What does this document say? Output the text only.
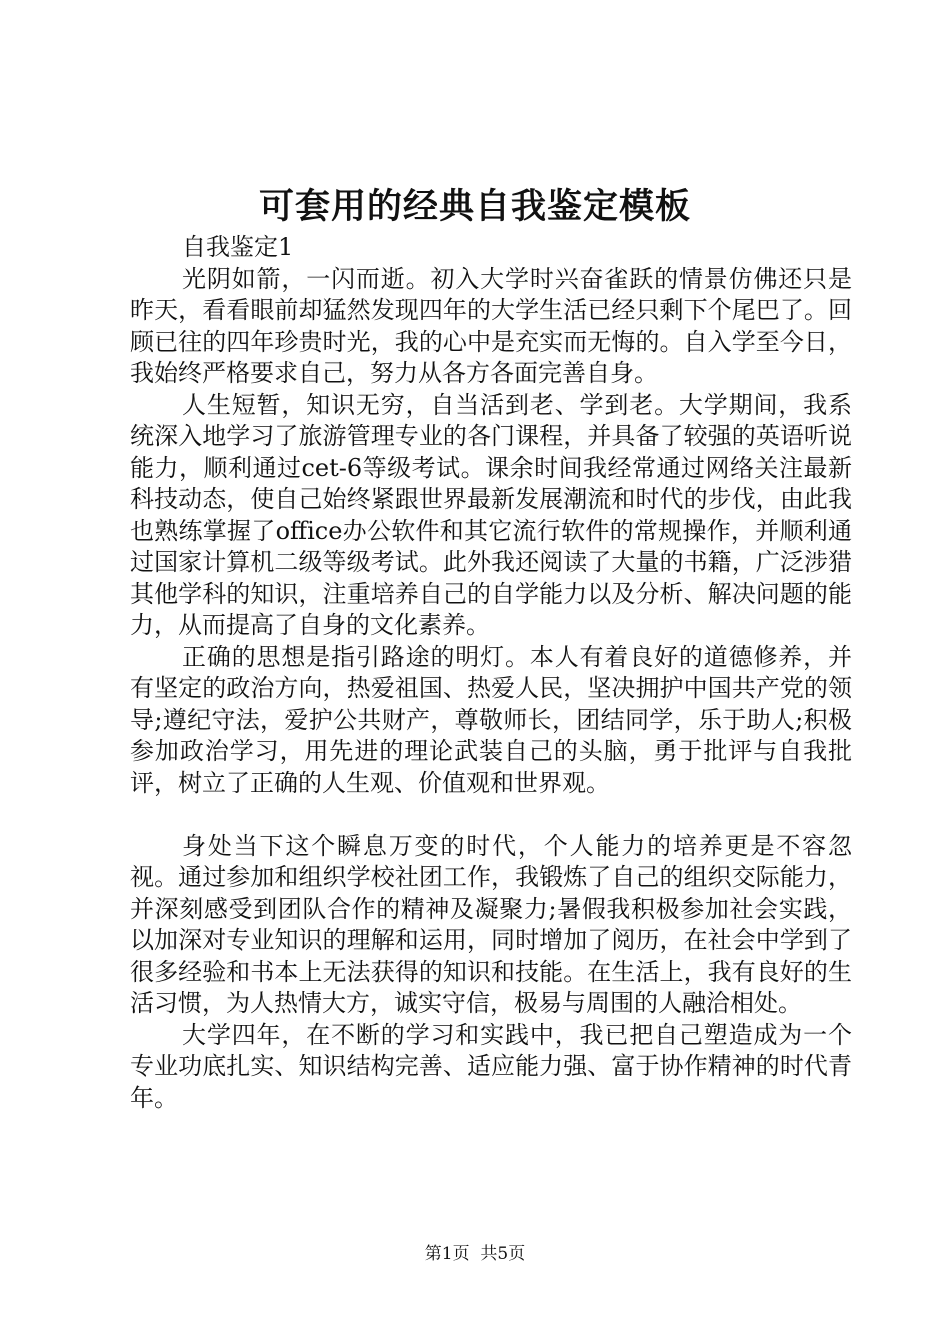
可套用的经典自我鉴定模板

自我鉴定1

光阴如箭，一闪而逝。初入大学时兴奋雀跃的情景仿佛还只是昨天，看看眼前却猛然发现四年的大学生活已经只剩下个尾巴了。回顾已往的四年珍贵时光，我的心中是充实而无悔的。自入学至今日，我始终严格要求自己，努力从各方各面完善自身。

人生短暂，知识无穷，自当活到老、学到老。大学期间，我系统深入地学习了旅游管理专业的各门课程，并具备了较强的英语听说能力，顺利通过cet-6等级考试。课余时间我经常通过网络关注最新科技动态，使自己始终紧跟世界最新发展潮流和时代的步伐，由此我也熟练掌握了office办公软件和其它流行软件的常规操作，并顺利通过国家计算机二级等级考试。此外我还阅读了大量的书籍，广泛涉猎其他学科的知识，注重培养自己的自学能力以及分析、解决问题的能力，从而提高了自身的文化素养。

正确的思想是指引路途的明灯。本人有着良好的道德修养，并有坚定的政治方向，热爱祖国、热爱人民，坚决拥护中国共产党的领导;遵纪守法，爱护公共财产，尊敬师长，团结同学，乐于助人;积极参加政治学习，用先进的理论武装自己的头脑，勇于批评与自我批评，树立了正确的人生观、价值观和世界观。

身处当下这个瞬息万变的时代，个人能力的培养更是不容忽视。通过参加和组织学校社团工作，我锻炼了自己的组织交际能力，并深刻感受到团队合作的精神及凝聚力;暑假我积极参加社会实践，以加深对专业知识的理解和运用，同时增加了阅历，在社会中学到了很多经验和书本上无法获得的知识和技能。在生活上，我有良好的生活习惯，为人热情大方，诚实守信，极易与周围的人融洽相处。

大学四年，在不断的学习和实践中，我已把自己塑造成为一个专业功底扎实、知识结构完善、适应能力强、富于协作精神的时代青年。

第1页 共5页
